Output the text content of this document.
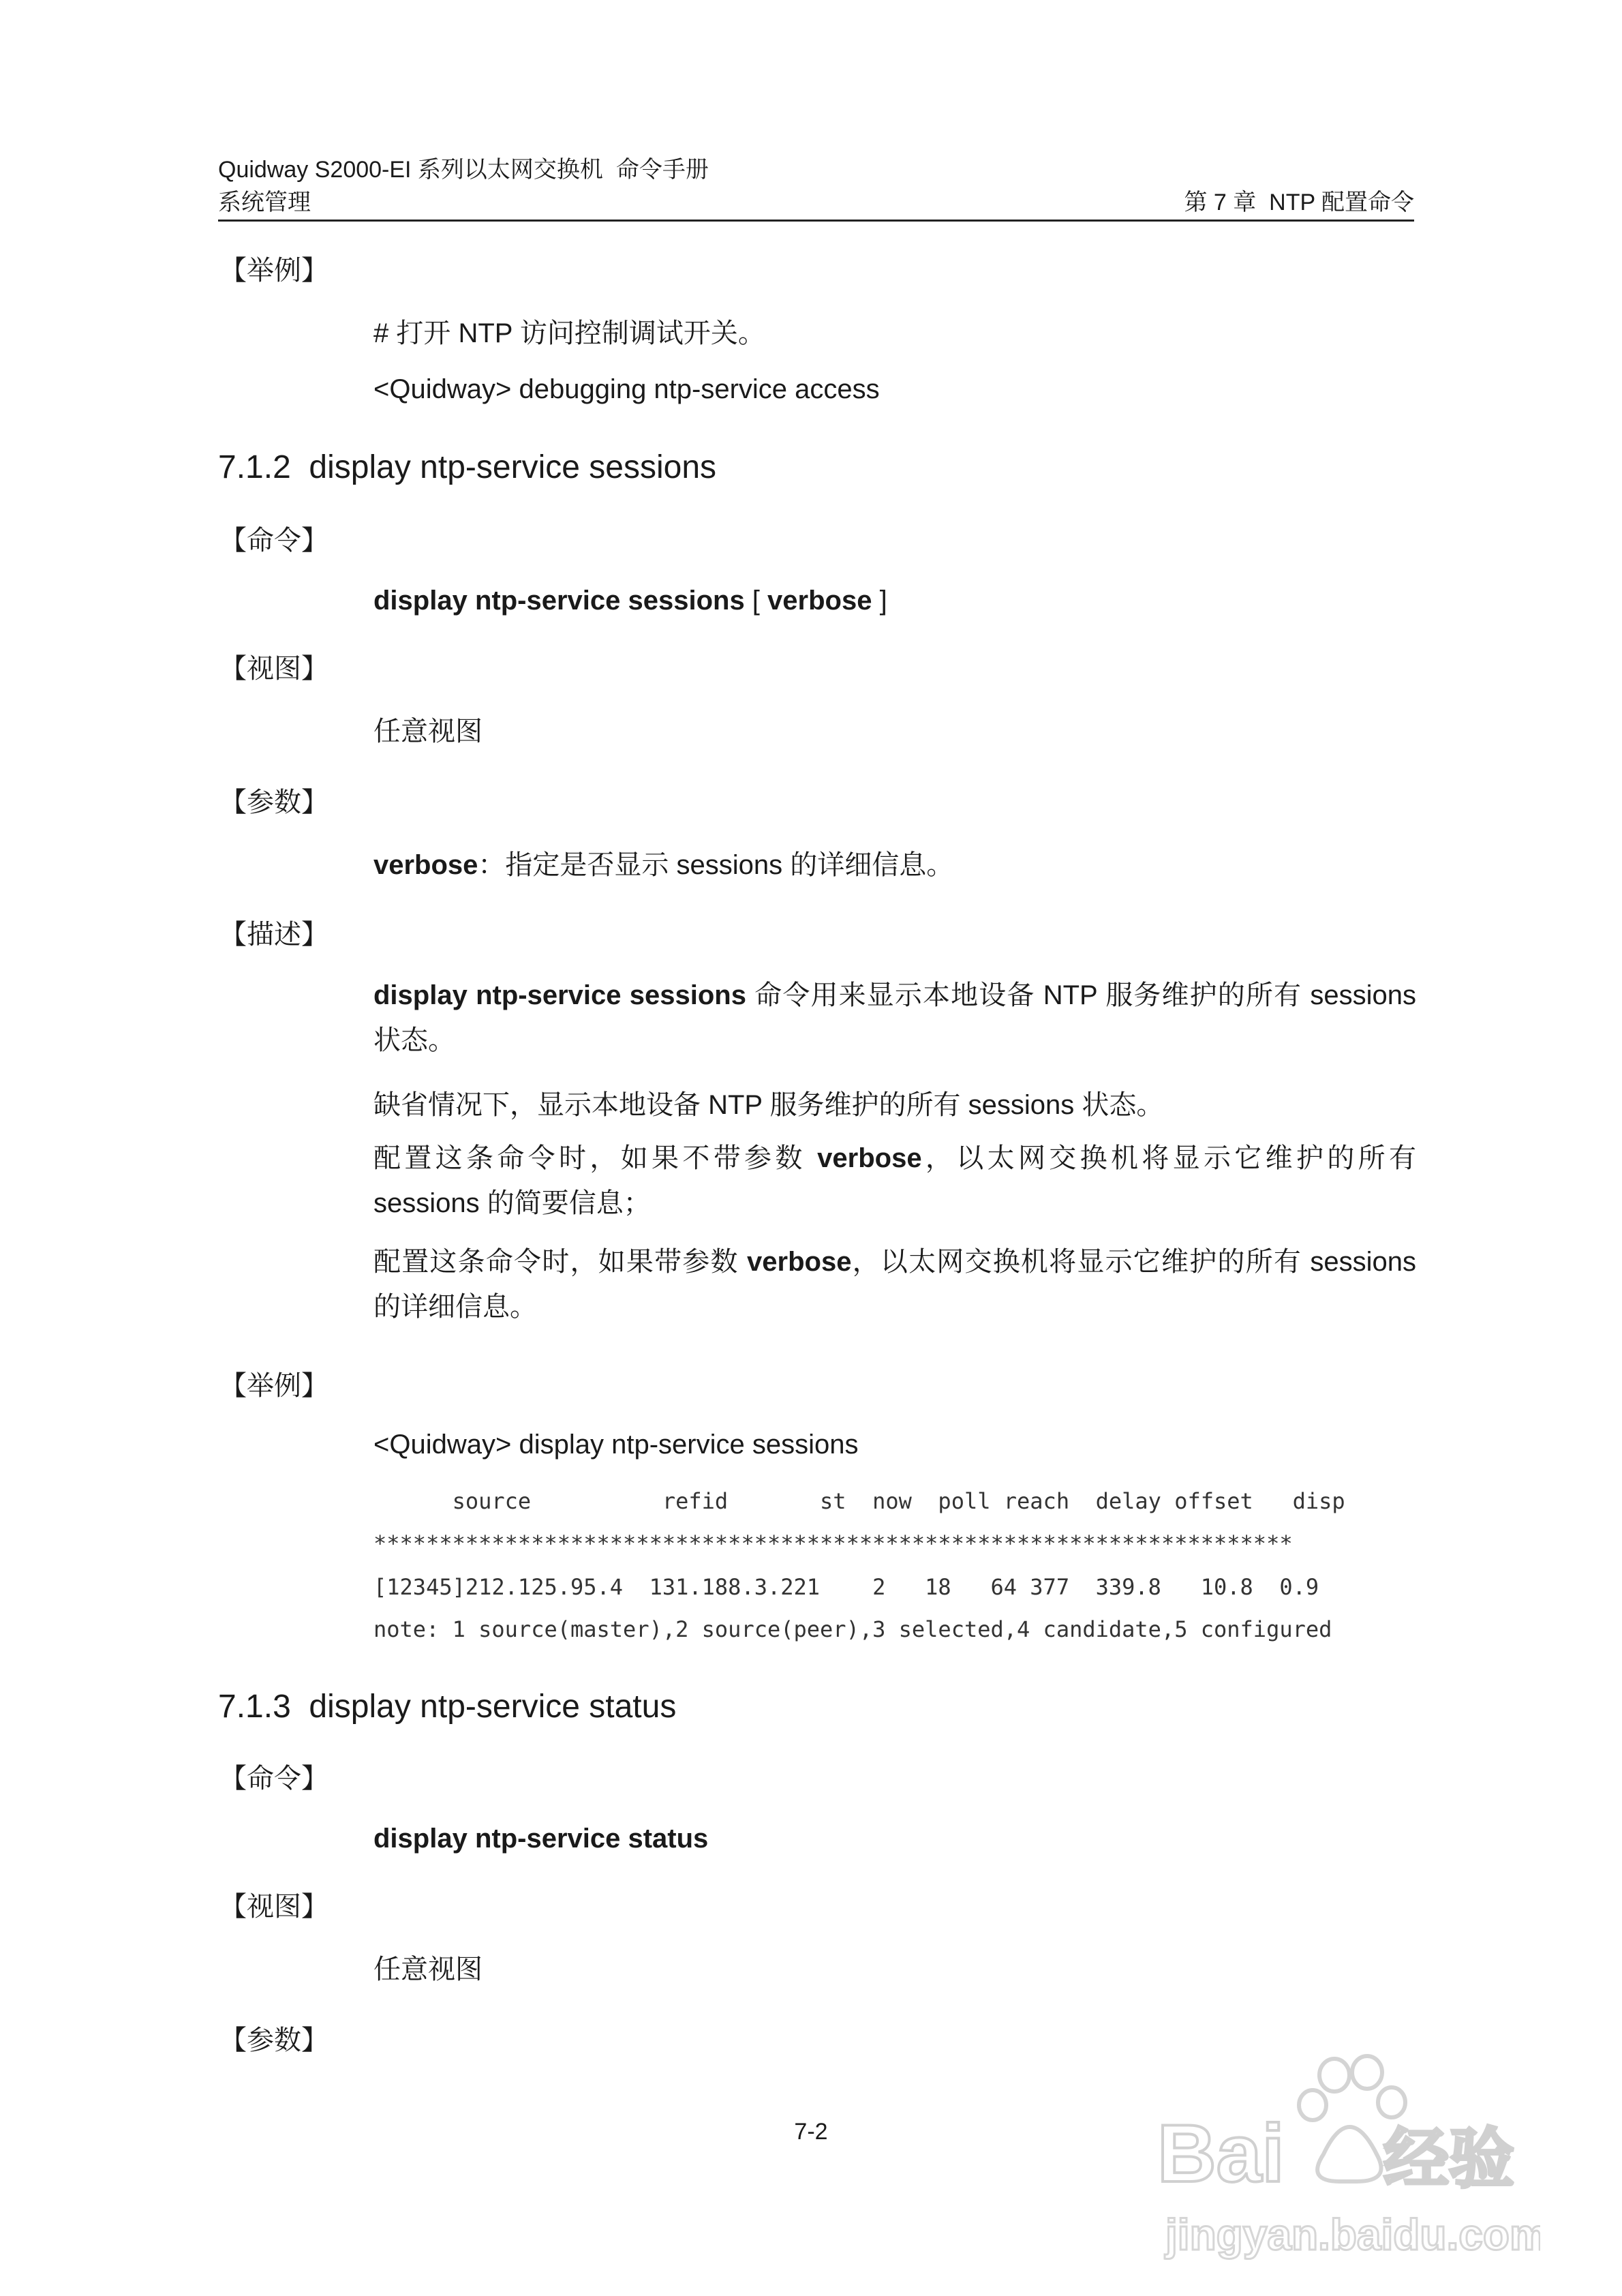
Quidway S2000-EI 系列以太网交换机  命令手册
系统管理	第 7 章  NTP 配置命令
【举例】
# 打开 NTP 访问控制调试开关。
<Quidway> debugging ntp-service access
7.1.2  display ntp-service sessions
【命令】
display ntp-service sessions [ verbose ]
【视图】
任意视图
【参数】
verbose：指定是否显示 sessions 的详细信息。
【描述】
display ntp-service sessions 命令用来显示本地设备 NTP 服务维护的所有 sessions 状态。
缺省情况下，显示本地设备 NTP 服务维护的所有 sessions 状态。
配置这条命令时，如果不带参数 verbose，以太网交换机将显示它维护的所有 sessions 的简要信息；
配置这条命令时，如果带参数 verbose，以太网交换机将显示它维护的所有 sessions 的详细信息。
【举例】
<Quidway> display ntp-service sessions
source          refid       st  now  poll reach  delay offset   disp
**********************************************************************
[12345]212.125.95.4  131.188.3.221    2   18   64 377  339.8   10.8  0.9
note: 1 source(master),2 source(peer),3 selected,4 candidate,5 configured
7.1.3  display ntp-service status
【命令】
display ntp-service status
【视图】
任意视图
【参数】
7-2	Bai 经验
jingyan.baidu.com
